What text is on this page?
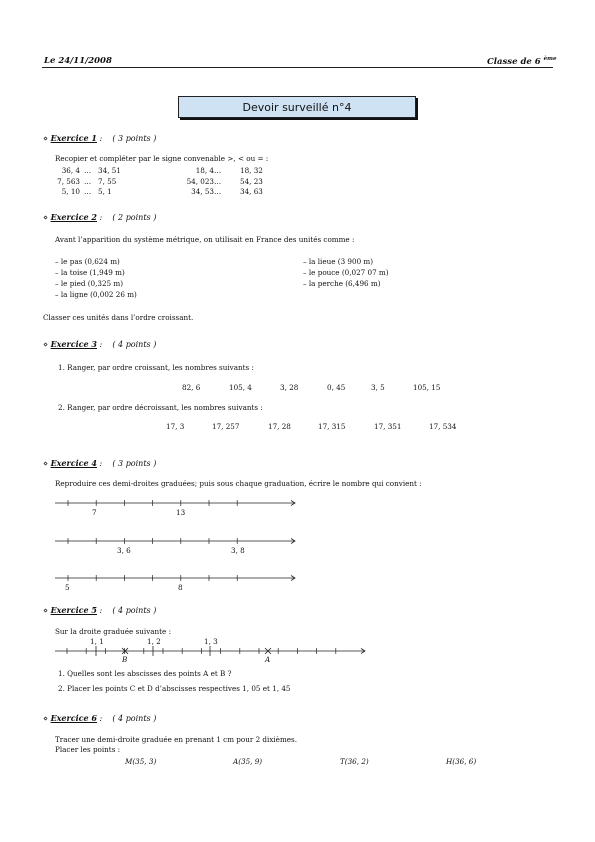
Le 24/11/2008	Classe de 6 $^{ème}$
Devoir surveillé n°4
⋄ Exercice 1 :    ( 3 points )
Recopier et compléter par le signe convenable >, < ou = :
36, 4 … 34, 51	18, 4 …	18, 32
7, 563 … 7, 55	54, 023 …	54, 23
5, 10 … 5, 1	34, 53 …	34, 63
⋄ Exercice 2 :    ( 2 points )
Avant l’apparition du système métrique, on utilisait en France des unités comme :
– le pas (0,624 m)
– la toise (1,949 m)
– le pied (0,325 m)
– la ligne (0,002 26 m)
– la lieue (3 900 m)
– le pouce (0,027 07 m)
– la perche (6,496 m)
Classer ces unités dans l’ordre croissant.
⋄ Exercice 3 :    ( 4 points )
1. Ranger, par ordre croissant, les nombres suivants :
82, 6	105, 4	3, 28	0, 45	3, 5	105, 15
2. Ranger, par ordre décroissant, les nombres suivants :
17, 3	17, 257	17, 28	17, 315	17, 351	17, 534
⋄ Exercice 4 :    ( 3 points )
Reproduire ces demi-droites graduées; puis sous chaque graduation, écrire le nombre qui convient :
7	13
3, 6	3, 8
5	8
⋄ Exercice 5 :    ( 4 points )
Sur la droite graduée suivante :
1, 1	1, 2	1, 3
B	A
1. Quelles sont les abscisses des points A et B ?
2. Placer les points C et D d’abscisses respectives 1, 05 et 1, 45
⋄ Exercice 6 :    ( 4 points )
Tracer une demi-droite graduée en prenant 1 cm pour 2 dixièmes.
Placer les points :
M(35, 3)	A(35, 9)	T(36, 2)	H(36, 6)
